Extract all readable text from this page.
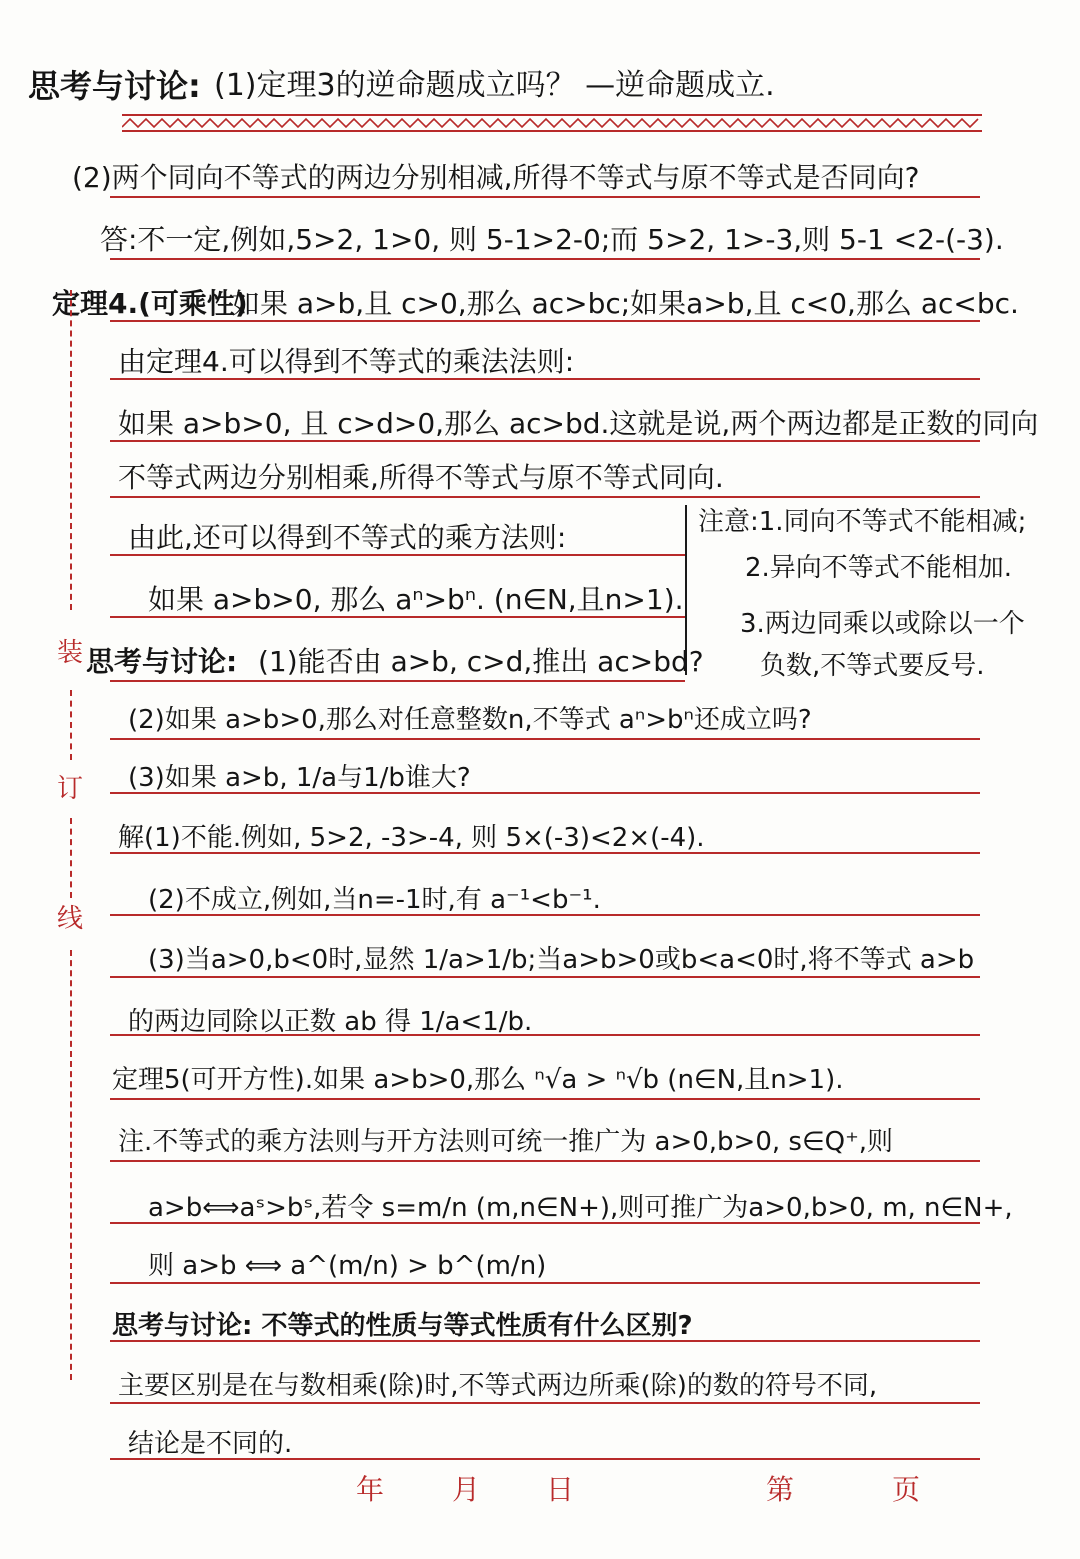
思考与讨论: (1)定理3的逆命题成立吗？ —逆命题成立.
(2)两个同向不等式的两边分别相减,所得不等式与原不等式是否同向?
答:不一定,例如,5>2, 1>0, 则 5-1>2-0;而 5>2, 1>-3,则 5-1 <2-(-3).
定理4.(可乘性)
如果 a>b,且 c>0,那么 ac>bc;如果a>b,且 c<0,那么 ac<bc.
由定理4.可以得到不等式的乘法法则:
如果 a>b>0, 且 c>d>0,那么 ac>bd.这就是说,两个两边都是正数的同向
不等式两边分别相乘,所得不等式与原不等式同向.
由此,还可以得到不等式的乘方法则:
如果 a>b>0, 那么 aⁿ>bⁿ. (n∈N,且n>1).
注意:1.同向不等式不能相减;
2.异向不等式不能相加.
3.两边同乘以或除以一个
负数,不等式要反号.
思考与讨论: (1)能否由 a>b, c>d,推出 ac>bd?
(2)如果 a>b>0,那么对任意整数n,不等式 aⁿ>bⁿ还成立吗?
(3)如果 a>b, 1/a与1/b谁大?
解(1)不能.例如, 5>2, -3>-4, 则 5×(-3)<2×(-4).
(2)不成立,例如,当n=-1时,有 a⁻¹<b⁻¹.
(3)当a>0,b<0时,显然 1/a>1/b;当a>b>0或b<a<0时,将不等式 a>b
的两边同除以正数 ab 得 1/a<1/b.
定理5(可开方性).如果 a>b>0,那么 ⁿ√a > ⁿ√b (n∈N,且n>1).
注.不等式的乘方法则与开方法则可统一推广为 a>0,b>0, s∈Q⁺,则
a>b⟺aˢ>bˢ,若令 s=m/n (m,n∈N+),则可推广为a>0,b>0, m, n∈N+,
则 a>b ⟺ a^(m/n) > b^(m/n)
思考与讨论: 不等式的性质与等式性质有什么区别?
主要区别是在与数相乘(除)时,不等式两边所乘(除)的数的符号不同,
结论是不同的.
装
订
线
年 月 日	第	页
